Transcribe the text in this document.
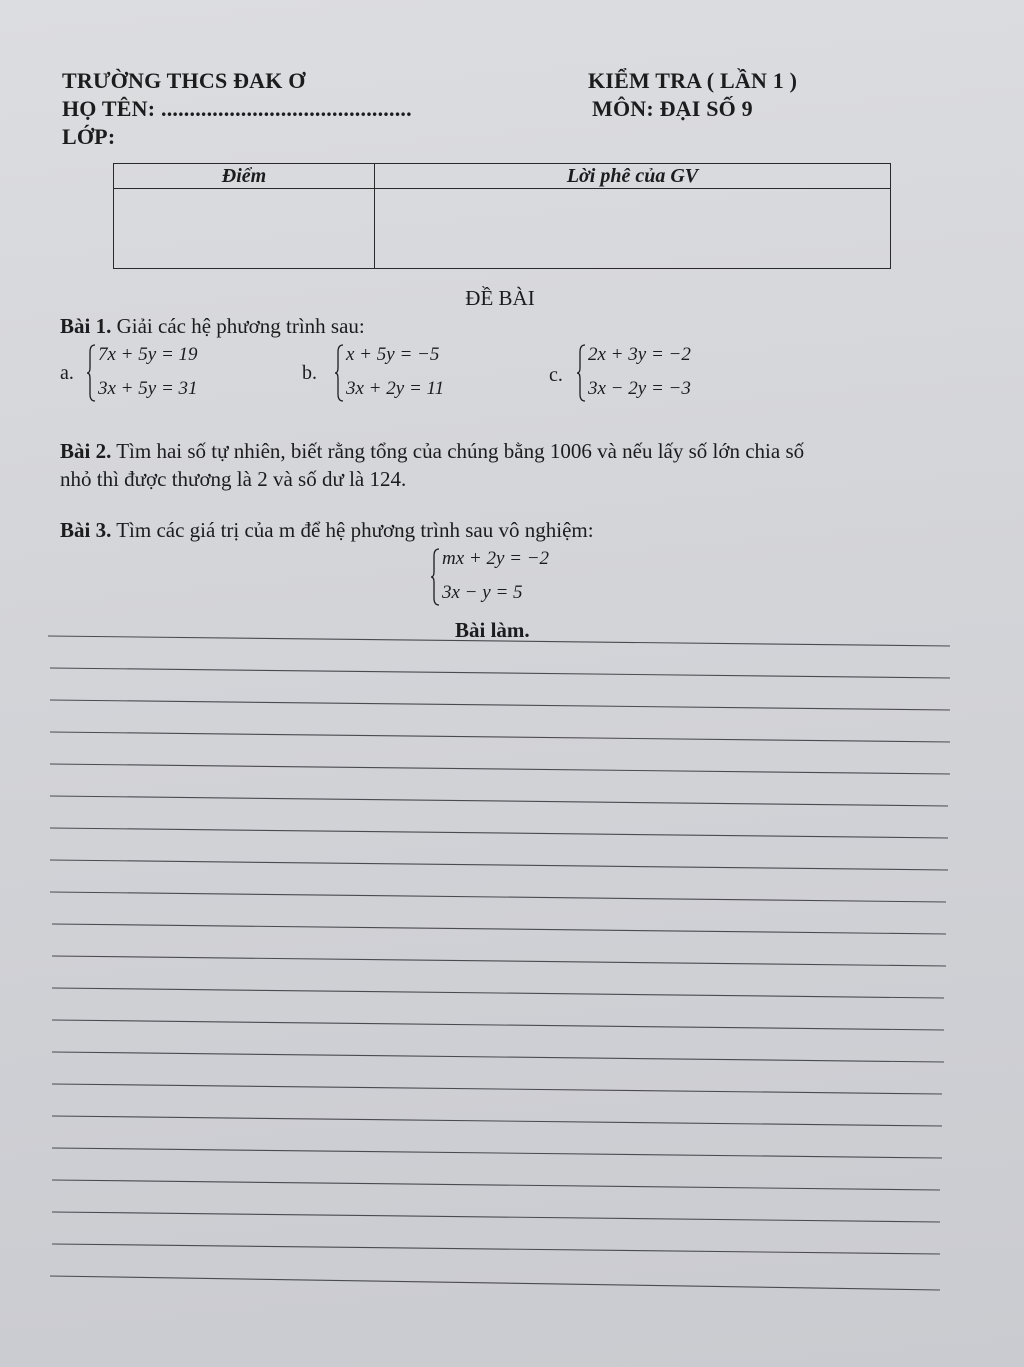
TRƯỜNG THCS ĐAK Ơ
HỌ TÊN: ............................................
LỚP:
KIỂM TRA ( LẦN 1 )
MÔN: ĐẠI SỐ 9
Điểm	Lời phê của GV

ĐỀ BÀI
Bài 1. Giải các hệ phương trình sau:
a.
7x + 5y = 19
3x + 5y = 31
b.
x + 5y = −5
3x + 2y = 11
c.
2x + 3y = −2
3x − 2y = −3
Bài 2. Tìm hai số tự nhiên, biết rằng tổng của chúng bằng 1006 và nếu lấy số lớn chia số
nhỏ thì được thương là 2 và số dư là 124.
Bài 3. Tìm các giá trị của m để hệ phương trình sau vô nghiệm:
mx + 2y = −2
3x − y = 5
Bài làm.
